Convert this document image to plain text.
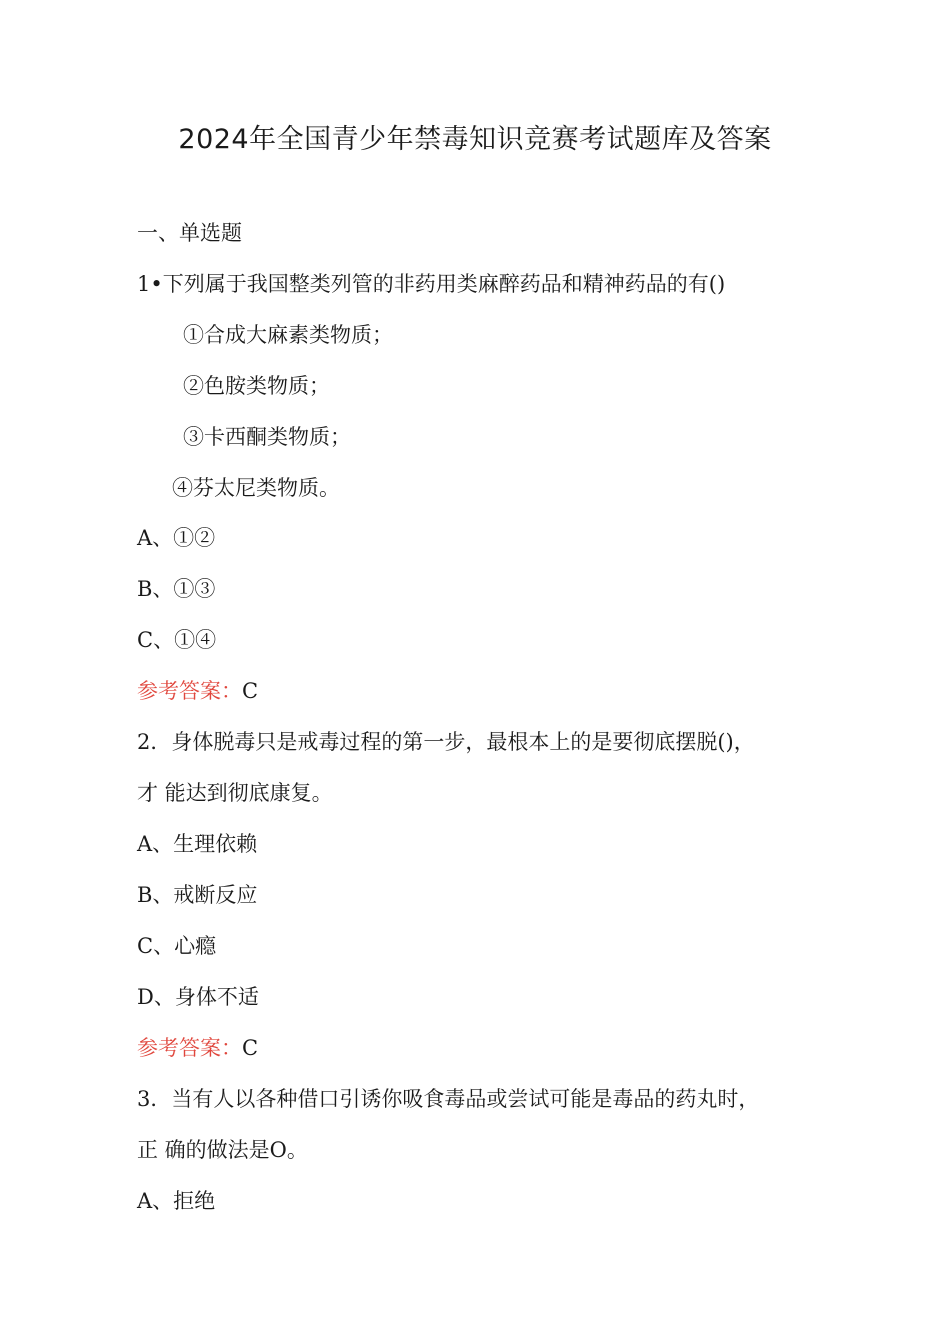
2024年全国青少年禁毒知识竞赛考试题库及答案
一、单选题
1•下列属于我国整类列管的非药用类麻醉药品和精神药品的有()
①合成大麻素类物质；
②色胺类物质；
③卡西酮类物质；
④芬太尼类物质。
A、①②
B、①③
C、①④
参考答案：C
2．身体脱毒只是戒毒过程的第一步，最根本上的是要彻底摆脱()，
才 能达到彻底康复。
A、生理依赖
B、戒断反应
C、心瘾
D、身体不适
参考答案：C
3．当有人以各种借口引诱你吸食毒品或尝试可能是毒品的药丸时，
正 确的做法是O。
A、拒绝
